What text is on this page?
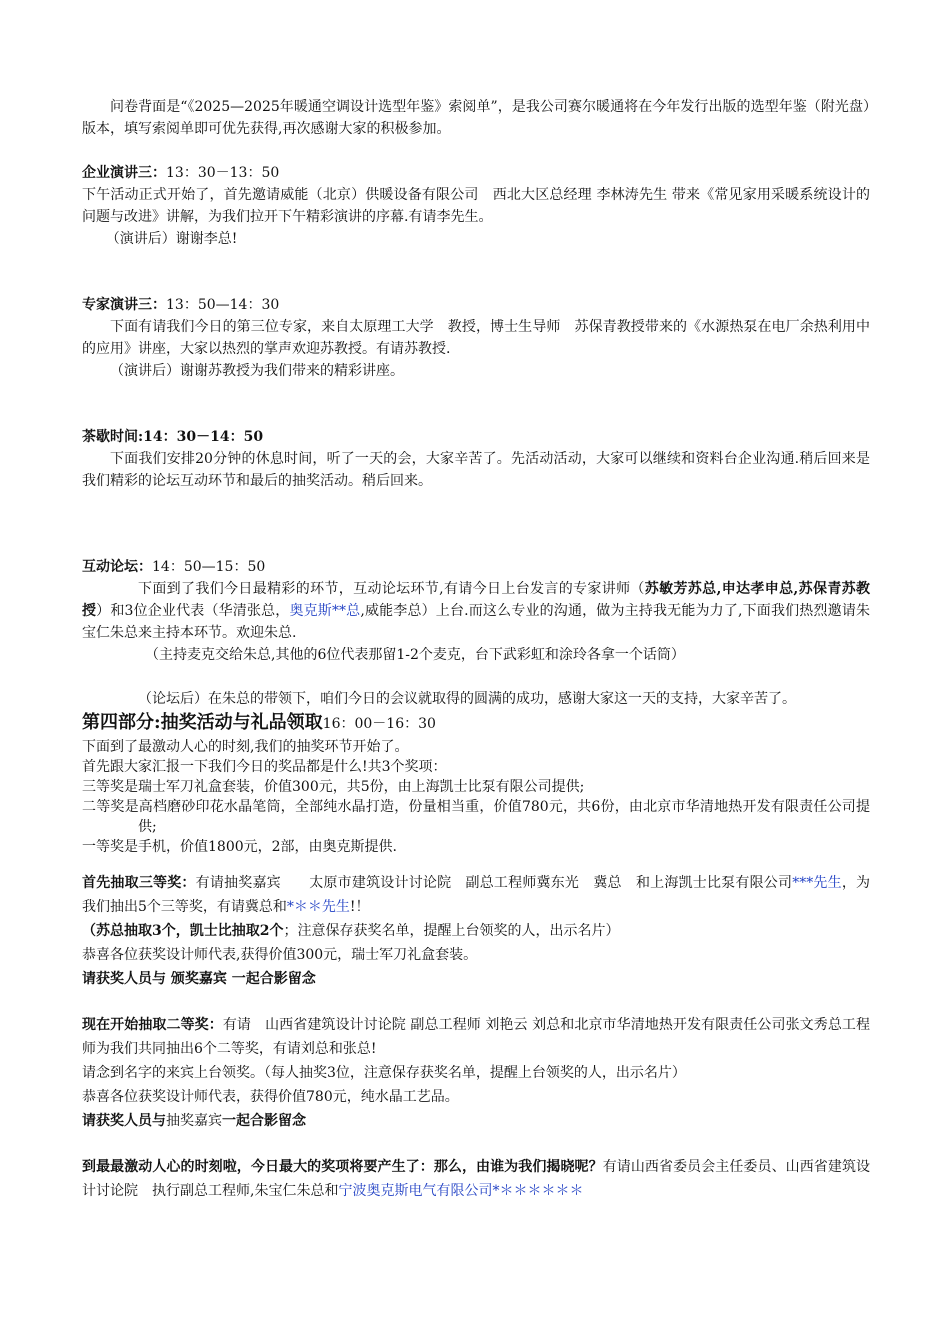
问卷背面是“《2025—2025年暖通空调设计选型年鉴》索阅单”，是我公司赛尔暖通将在今年发行出版的选型年鉴（附光盘）版本，填写索阅单即可优先获得,再次感谢大家的积极参加。

企业演讲三：13：30－13：50

下午活动正式开始了，首先邀请威能（北京）供暖设备有限公司　西北大区总经理 李林涛先生 带来《常见家用采暖系统设计的问题与改进》讲解，为我们拉开下午精彩演讲的序幕.有请李先生。

（演讲后）谢谢李总!

专家演讲三：13：50—14：30

下面有请我们今日的第三位专家，来自太原理工大学　教授，博士生导师　苏保青教授带来的《水源热泵在电厂余热利用中的应用》讲座，大家以热烈的掌声欢迎苏教授。有请苏教授.

（演讲后）谢谢苏教授为我们带来的精彩讲座。

茶歇时间:14：30－14：50

下面我们安排20分钟的休息时间，听了一天的会，大家辛苦了。先活动活动，大家可以继续和资料台企业沟通.稍后回来是我们精彩的论坛互动环节和最后的抽奖活动。稍后回来。

互动论坛：14：50—15：50

下面到了我们今日最精彩的环节，互动论坛环节,有请今日上台发言的专家讲师（苏敏芳苏总,申达孝申总,苏保青苏教授）和3位企业代表（华清张总，奥克斯**总,威能李总）上台.而这么专业的沟通，做为主持我无能为力了,下面我们热烈邀请朱宝仁朱总来主持本环节。欢迎朱总.

（主持麦克交给朱总,其他的6位代表那留1-2个麦克，台下武彩虹和涂玲各拿一个话筒）

（论坛后）在朱总的带领下，咱们今日的会议就取得的圆满的成功，感谢大家这一天的支持，大家辛苦了。

第四部分:抽奖活动与礼品领取16：00－16：30

下面到了最激动人心的时刻,我们的抽奖环节开始了。

首先跟大家汇报一下我们今日的奖品都是什么!共3个奖项：

三等奖是瑞士军刀礼盒套装，价值300元，共5份，由上海凯士比泵有限公司提供;

二等奖是高档磨砂印花水晶笔筒，全部纯水晶打造，份量相当重，价值780元，共6份，由北京市华清地热开发有限责任公司提供;

一等奖是手机，价值1800元，2部，由奥克斯提供.

首先抽取三等奖：有请抽奖嘉宾　　太原市建筑设计讨论院　副总工程师冀东光　冀总　和上海凯士比泵有限公司***先生，为我们抽出5个三等奖，有请冀总和*＊＊先生!！

（苏总抽取3个，凯士比抽取2个；注意保存获奖名单，提醒上台领奖的人，出示名片）

恭喜各位获奖设计师代表,获得价值300元，瑞士军刀礼盒套装。

请获奖人员与 颁奖嘉宾 一起合影留念

现在开始抽取二等奖：有请　山西省建筑设计讨论院 副总工程师 刘艳云 刘总和北京市华清地热开发有限责任公司张文秀总工程师为我们共同抽出6个二等奖，有请刘总和张总!

请念到名字的来宾上台领奖。（每人抽奖3位，注意保存获奖名单，提醒上台领奖的人，出示名片）

恭喜各位获奖设计师代表，获得价值780元，纯水晶工艺品。

请获奖人员与抽奖嘉宾一起合影留念

到最最激动人心的时刻啦，今日最大的奖项将要产生了：那么，由谁为我们揭晓呢？有请山西省委员会主任委员、山西省建筑设计讨论院　执行副总工程师,朱宝仁朱总和宁波奥克斯电气有限公司*＊＊＊＊＊＊
